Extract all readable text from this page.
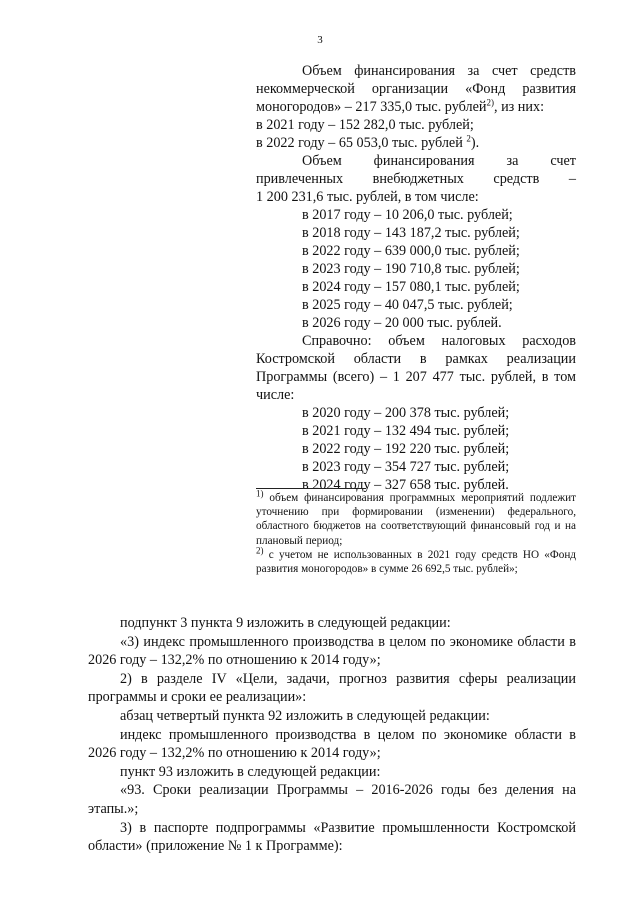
3

Объем финансирования за счет средств некоммерческой организации «Фонд развития моногородов» – 217 335,0 тыс. рублей$^{2)}$, из них:

в 2021 году – 152 282,0 тыс. рублей;

в 2022 году – 65 053,0 тыс. рублей $^2$).

Объем финансирования за счет

привлеченных внебюджетных средств –

1 200 231,6 тыс. рублей, в том числе:

в 2017 году – 10 206,0 тыс. рублей;

в 2018 году – 143 187,2 тыс. рублей;

в 2022 году – 639 000,0 тыс. рублей;

в 2023 году – 190 710,8 тыс. рублей;

в 2024 году – 157 080,1 тыс. рублей;

в 2025 году – 40 047,5 тыс. рублей;

в 2026 году – 20 000 тыс. рублей.

Справочно: объем налоговых расходов Костромской области в рамках реализации Программы (всего) – 1 207 477 тыс. рублей, в том числе:

в 2020 году – 200 378 тыс. рублей;

в 2021 году – 132 494 тыс. рублей;

в 2022 году – 192 220 тыс. рублей;

в 2023 году – 354 727 тыс. рублей;

в 2024 году – 327 658 тыс. рублей.

$^{1)}$ объем финансирования программных мероприятий подлежит уточнению при формировании (изменении) федерального, областного бюджетов на соответствующий финансовый год и на плановый период;

$^{2)}$ с учетом не использованных в 2021 году средств НО «Фонд развития моногородов» в сумме 26 692,5 тыс. рублей»;

подпункт 3 пункта 9 изложить в следующей редакции:

«3) индекс промышленного производства в целом по экономике области в 2026 году – 132,2% по отношению к 2014 году»;

2) в разделе IV «Цели, задачи, прогноз развития сферы реализации программы и сроки ее реализации»:

абзац четвертый пункта 92 изложить в следующей редакции:

индекс промышленного производства в целом по экономике области в 2026 году – 132,2% по отношению к 2014 году»;

пункт 93 изложить в следующей редакции:

«93. Сроки реализации Программы – 2016-2026 годы без деления на этапы.»;

3) в паспорте подпрограммы «Развитие промышленности Костромской области» (приложение № 1 к Программе):
